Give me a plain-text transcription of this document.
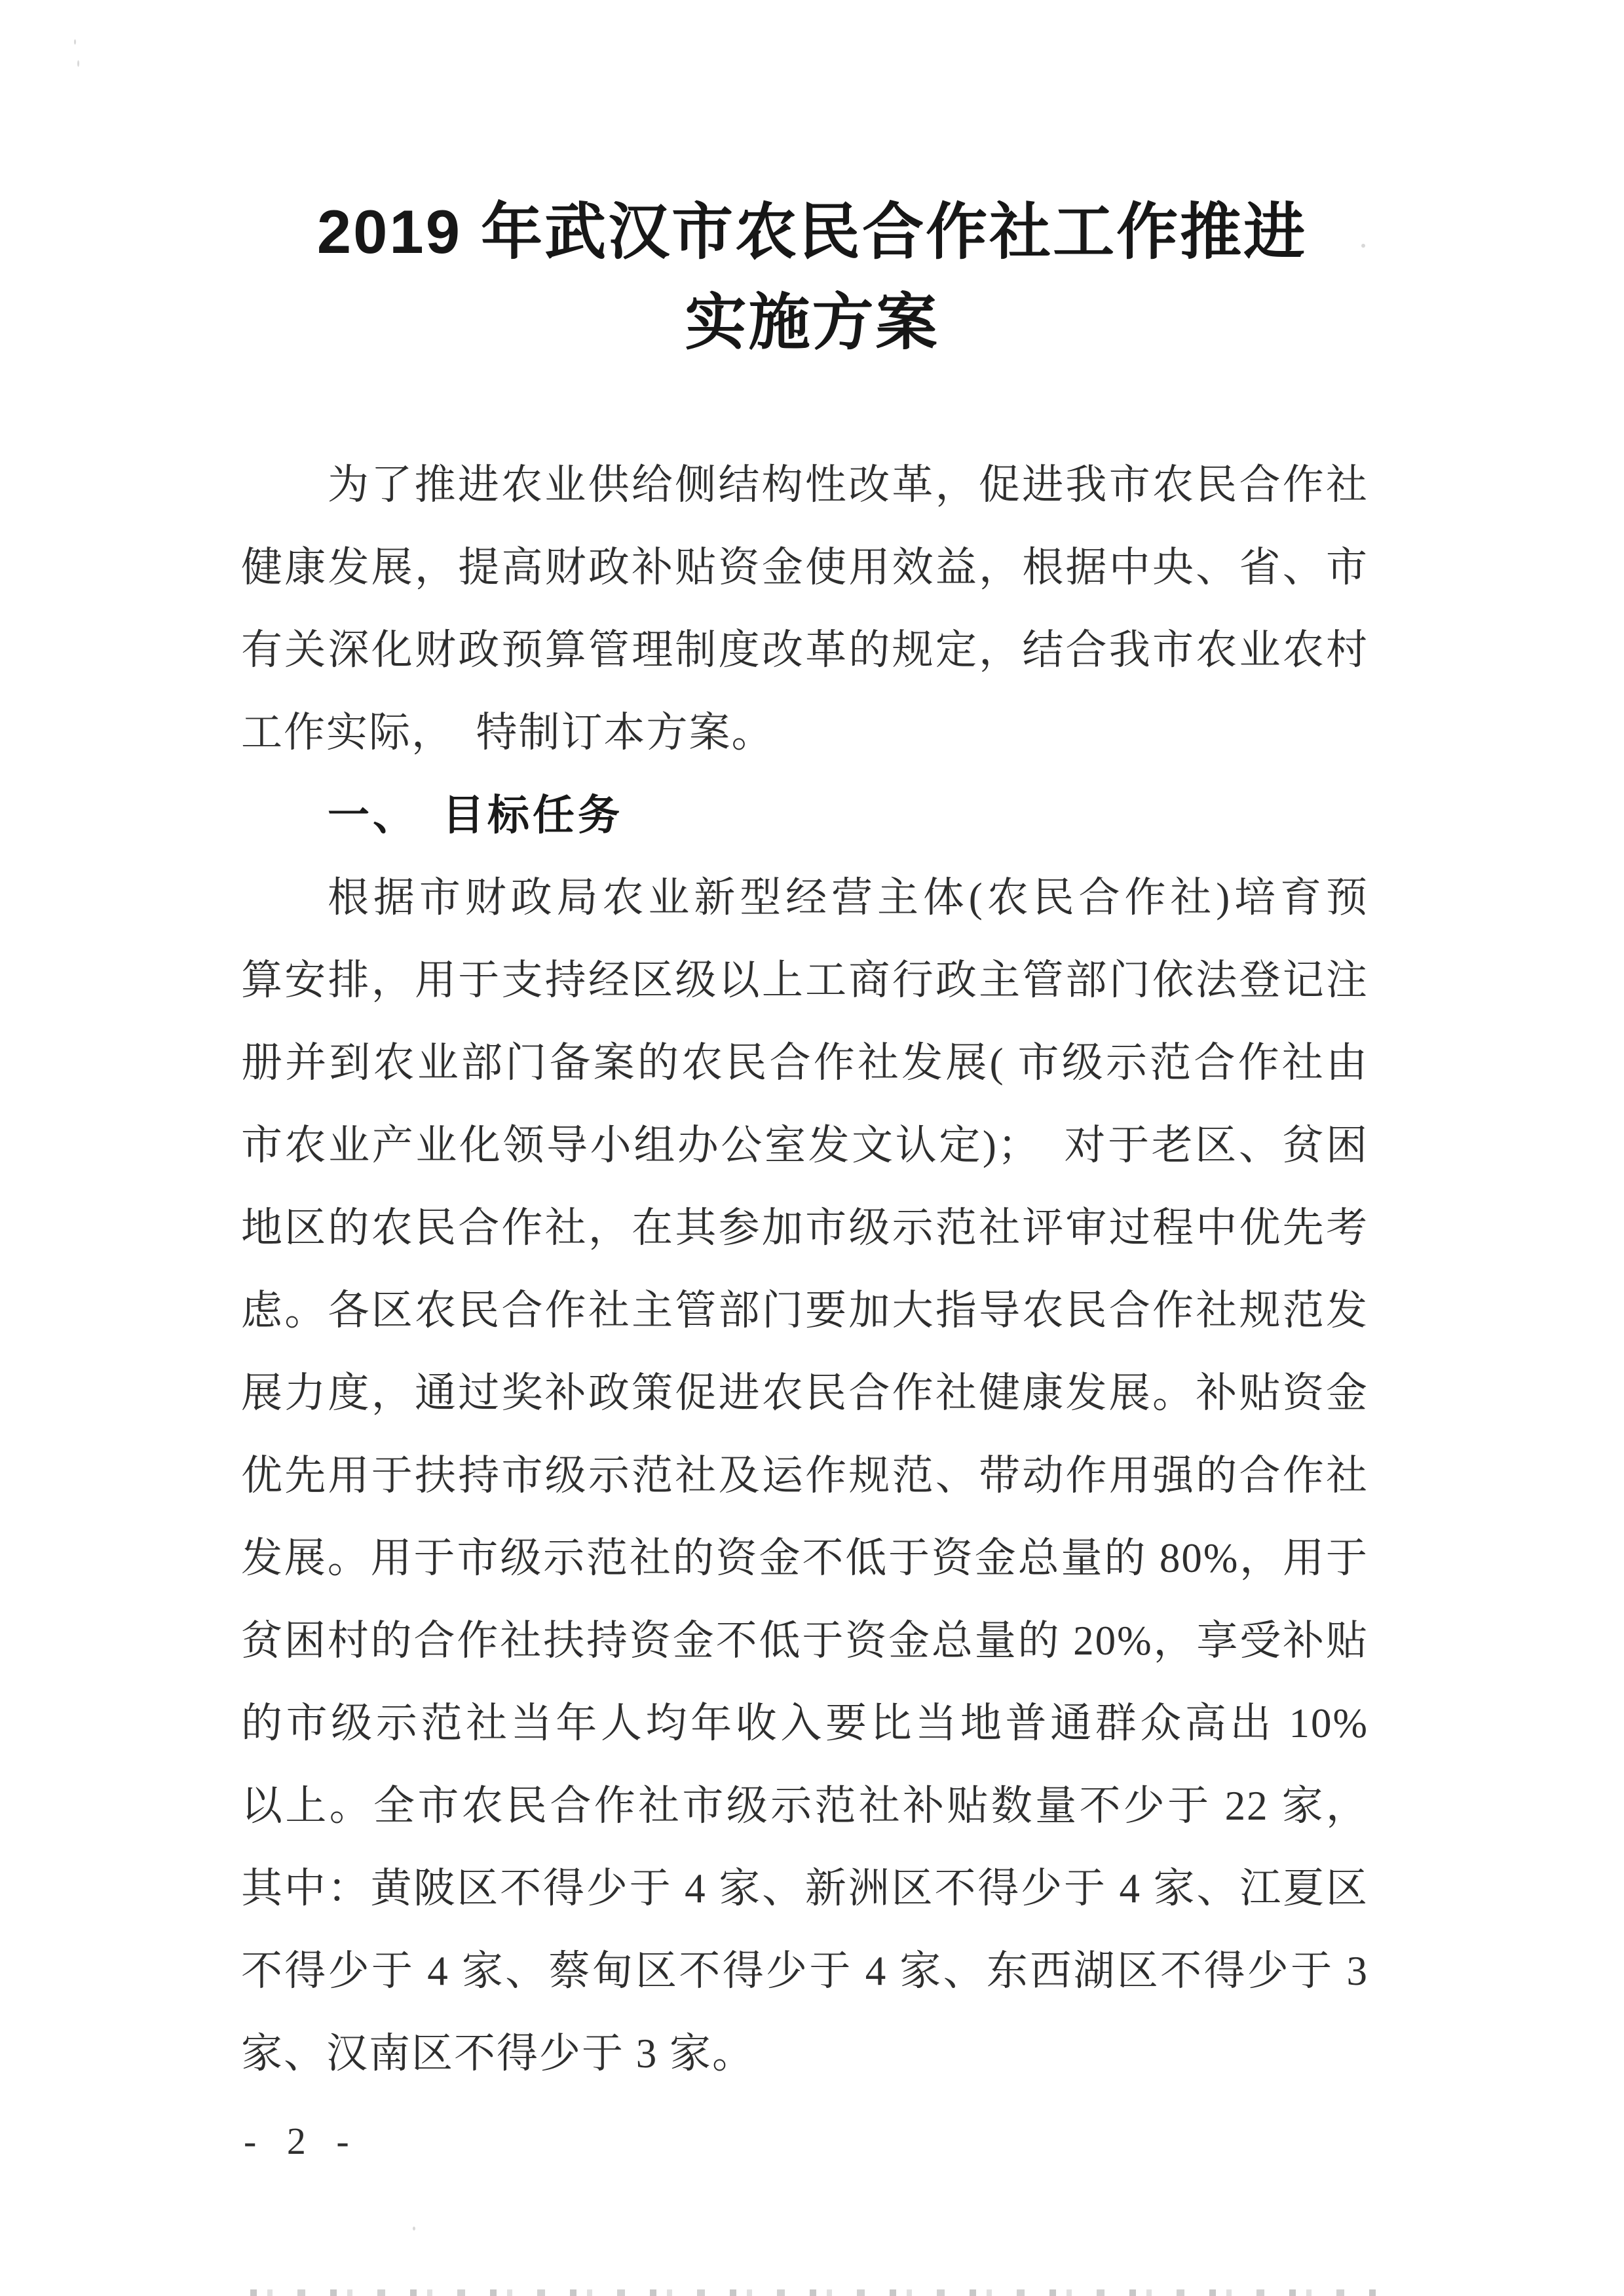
2019 年武汉市农民合作社工作推进
实施方案
为了推进农业供给侧结构性改革，促进我市农民合作社
健康发展，提高财政补贴资金使用效益，根据中央、省、市
有关深化财政预算管理制度改革的规定，结合我市农业农村
工作实际，　特制订本方案。
一、　目标任务
根据市财政局农业新型经营主体(农民合作社)培育预
算安排，用于支持经区级以上工商行政主管部门依法登记注
册并到农业部门备案的农民合作社发展( 市级示范合作社由
市农业产业化领导小组办公室发文认定)；　对于老区、贫困
地区的农民合作社，在其参加市级示范社评审过程中优先考
虑。各区农民合作社主管部门要加大指导农民合作社规范发
展力度，通过奖补政策促进农民合作社健康发展。补贴资金
优先用于扶持市级示范社及运作规范、带动作用强的合作社
发展。用于市级示范社的资金不低于资金总量的 80%，用于
贫困村的合作社扶持资金不低于资金总量的 20%，享受补贴
的市级示范社当年人均年收入要比当地普通群众高出 10%
以上。全市农民合作社市级示范社补贴数量不少于 22 家，
其中：黄陂区不得少于 4 家、新洲区不得少于 4 家、江夏区
不得少于 4 家、蔡甸区不得少于 4 家、东西湖区不得少于 3
家、汉南区不得少于 3 家。
- 2 -
